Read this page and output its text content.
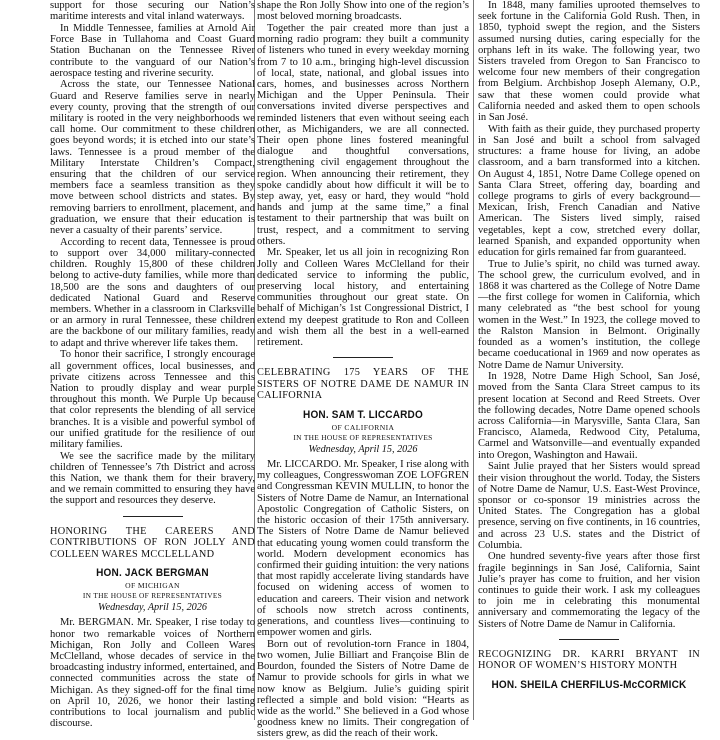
support for those securing our Nation’s maritime interests and vital inland waterways.

In Middle Tennessee, families at Arnold Air Force Base in Tullahoma and Coast Guard Station Buchanan on the Tennessee River contribute to the vanguard of our Nation’s aerospace testing and riverine security.

Across the state, our Tennessee National Guard and Reserve families serve in nearly every county, proving that the strength of our military is rooted in the very neighborhoods we call home. Our commitment to these children goes beyond words; it is etched into our state’s laws. Tennessee is a proud member of the Military Interstate Children’s Compact, ensuring that the children of our service members face a seamless transition as they move between school districts and states. By removing barriers to enrollment, placement, and graduation, we ensure that their education is never a casualty of their parents’ service.

According to recent data, Tennessee is proud to support over 34,000 military-connected children. Roughly 15,800 of these children belong to active-duty families, while more than 18,500 are the sons and daughters of our dedicated National Guard and Reserve members. Whether in a classroom in Clarksville or an armory in rural Tennessee, these children are the backbone of our military families, ready to adapt and thrive wherever life takes them.

To honor their sacrifice, I strongly encourage all government offices, local businesses, and private citizens across Tennessee and this Nation to proudly display and wear purple throughout this month. We Purple Up because that color represents the blending of all service branches. It is a visible and powerful symbol of our unified gratitude for the resilience of our military families.

We see the sacrifice made by the military children of Tennessee’s 7th District and across this Nation, we thank them for their bravery, and we remain committed to ensuring they have the support and resources they deserve.

HONORING THE CAREERS AND CONTRIBUTIONS OF RON JOLLY AND COLLEEN WARES MCCLELLAND
HON. JACK BERGMAN
OF MICHIGAN
IN THE HOUSE OF REPRESENTATIVES
Wednesday, April 15, 2026

Mr. BERGMAN. Mr. Speaker, I rise today to honor two remarkable voices of Northern Michigan, Ron Jolly and Colleen Wares McClelland, whose decades of service in the broadcasting industry informed, entertained, and connected communities across the state of Michigan. As they signed-off for the final time on April 10, 2026, we honor their lasting contributions to local journalism and public discourse.

shape the Ron Jolly Show into one of the region’s most beloved morning broadcasts.

Together the pair created more than just a morning radio program: they built a community of listeners who tuned in every weekday morning from 7 to 10 a.m., bringing high-level discussion of local, state, national, and global issues into cars, homes, and businesses across Northern Michigan and the Upper Peninsula. Their conversations invited diverse perspectives and reminded listeners that even without seeing each other, as Michiganders, we are all connected. Their open phone lines fostered meaningful dialogue and thoughtful conversations, strengthening civil engagement throughout the region. When announcing their retirement, they spoke candidly about how difficult it will be to step away, yet, easy or hard, they would “hold hands and jump at the same time,” a final testament to their partnership that was built on trust, respect, and a commitment to serving others.

Mr. Speaker, let us all join in recognizing Ron Jolly and Colleen Wares McClelland for their dedicated service to informing the public, preserving local history, and entertaining communities throughout our great state. On behalf of Michigan’s 1st Congressional District, I extend my deepest gratitude to Ron and Colleen and wish them all the best in a well-earned retirement.

CELEBRATING 175 YEARS OF THE SISTERS OF NOTRE DAME DE NAMUR IN CALIFORNIA
HON. SAM T. LICCARDO
OF CALIFORNIA
IN THE HOUSE OF REPRESENTATIVES
Wednesday, April 15, 2026

Mr. LICCARDO. Mr. Speaker, I rise along with my colleagues, Congresswoman ZOE LOFGREN and Congressman KEVIN MULLIN, to honor the Sisters of Notre Dame de Namur, an International Apostolic Congregation of Catholic Sisters, on the historic occasion of their 175th anniversary. The Sisters of Notre Dame de Namur believed that educating young women could transform the world. Modern development economics has confirmed their guiding intuition: the very nations that most rapidly accelerate living standards have focused on widening access of women to education and careers. Their vision and network of schools now stretch across continents, generations, and countless lives—continuing to empower women and girls.

Born out of revolution-torn France in 1804, two women, Julie Billiart and Françoise Blin de Bourdon, founded the Sisters of Notre Dame de Namur to provide schools for girls in what we now know as Belgium. Julie’s guiding spirit reflected a simple and bold vision: “Hearts as wide as the world.” She believed in a God whose goodness knew no limits. Their congregation of sisters grew, as did the reach of their work.

In 1848, many families uprooted themselves to seek fortune in the California Gold Rush. Then, in 1850, typhoid swept the region, and the Sisters assumed nursing duties, caring especially for the orphans left in its wake. The following year, two Sisters traveled from Oregon to San Francisco to welcome four new members of their congregation from Belgium. Archbishop Joseph Alemany, O.P., saw that these women could provide what California needed and asked them to open schools in San José.

With faith as their guide, they purchased property in San José and built a school from salvaged structures: a frame house for living, an adobe classroom, and a barn transformed into a kitchen. On August 4, 1851, Notre Dame College opened on Santa Clara Street, offering day, boarding and college programs to girls of every background—Mexican, Irish, French Canadian and Native American. The Sisters lived simply, raised vegetables, kept a cow, stretched every dollar, learned Spanish, and expanded opportunity when education for girls remained far from guaranteed.

True to Julie’s spirit, no child was turned away. The school grew, the curriculum evolved, and in 1868 it was chartered as the College of Notre Dame—the first college for women in California, which many celebrated as “the best school for young women in the West.” In 1923, the college moved to the Ralston Mansion in Belmont. Originally founded as a women’s institution, the college became coeducational in 1969 and now operates as Notre Dame de Namur University.

In 1928, Notre Dame High School, San José, moved from the Santa Clara Street campus to its present location at Second and Reed Streets. Over the following decades, Notre Dame opened schools across California—in Marysville, Santa Clara, San Francisco, Alameda, Redwood City, Petaluma, Carmel and Watsonville—and eventually expanded into Oregon, Washington and Hawaii.

Saint Julie prayed that her Sisters would spread their vision throughout the world. Today, the Sisters of Notre Dame de Namur, U.S. East-West Province, sponsor or co-sponsor 19 ministries across the United States. The Congregation has a global presence, serving on five continents, in 16 countries, and across 23 U.S. states and the District of Columbia.

One hundred seventy-five years after those first fragile beginnings in San José, California, Saint Julie’s prayer has come to fruition, and her vision continues to guide their work. I ask my colleagues to join me in celebrating this monumental anniversary and commemorating the legacy of the Sisters of Notre Dame de Namur in California.

RECOGNIZING DR. KARRI BRYANT IN HONOR OF WOMEN’S HISTORY MONTH
HON. SHEILA CHERFILUS-McCORMICK
